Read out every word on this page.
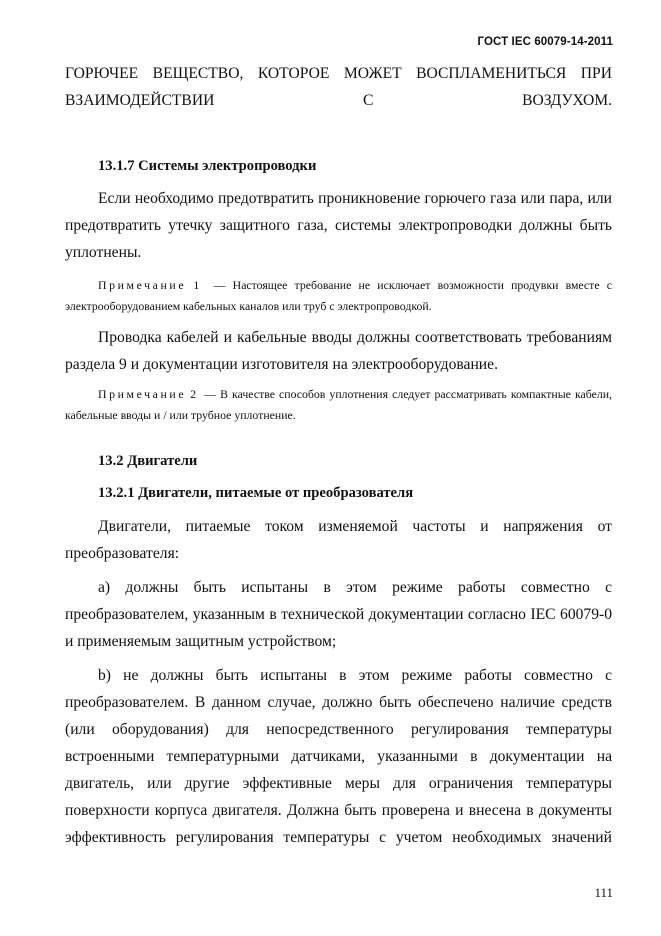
ГОСТ IEC 60079-14-2011
ГОРЮЧЕЕ ВЕЩЕСТВО, КОТОРОЕ МОЖЕТ ВОСПЛАМЕНИТЬСЯ ПРИ ВЗАИМОДЕЙСТВИИ С ВОЗДУХОМ.
13.1.7 Системы электропроводки
Если необходимо предотвратить проникновение горючего газа или пара, или предотвратить утечку защитного газа, системы электропроводки должны быть уплотнены.
Примечание 1  — Настоящее требование не исключает возможности продувки вместе с электрооборудованием кабельных каналов или труб с электропроводкой.
Проводка кабелей и кабельные вводы должны соответствовать требованиям раздела 9 и документации изготовителя на электрооборудование.
Примечание 2  — В качестве способов уплотнения следует рассматривать компактные кабели, кабельные вводы и / или трубное уплотнение.
13.2 Двигатели
13.2.1 Двигатели, питаемые от преобразователя
Двигатели, питаемые током изменяемой частоты и напряжения от преобразователя:
а) должны быть испытаны в этом режиме работы совместно с преобразователем, указанным в технической документации согласно IEC 60079-0 и применяемым защитным устройством;
b) не должны быть испытаны в этом режиме работы совместно с преобразователем. В данном случае, должно быть обеспечено наличие средств (или оборудования) для непосредственного регулирования температуры встроенными температурными датчиками, указанными в документации на двигатель, или другие эффективные меры для ограничения температуры поверхности корпуса двигателя. Должна быть проверена и внесена в документы эффективность регулирования температуры с учетом необходимых значений
111
